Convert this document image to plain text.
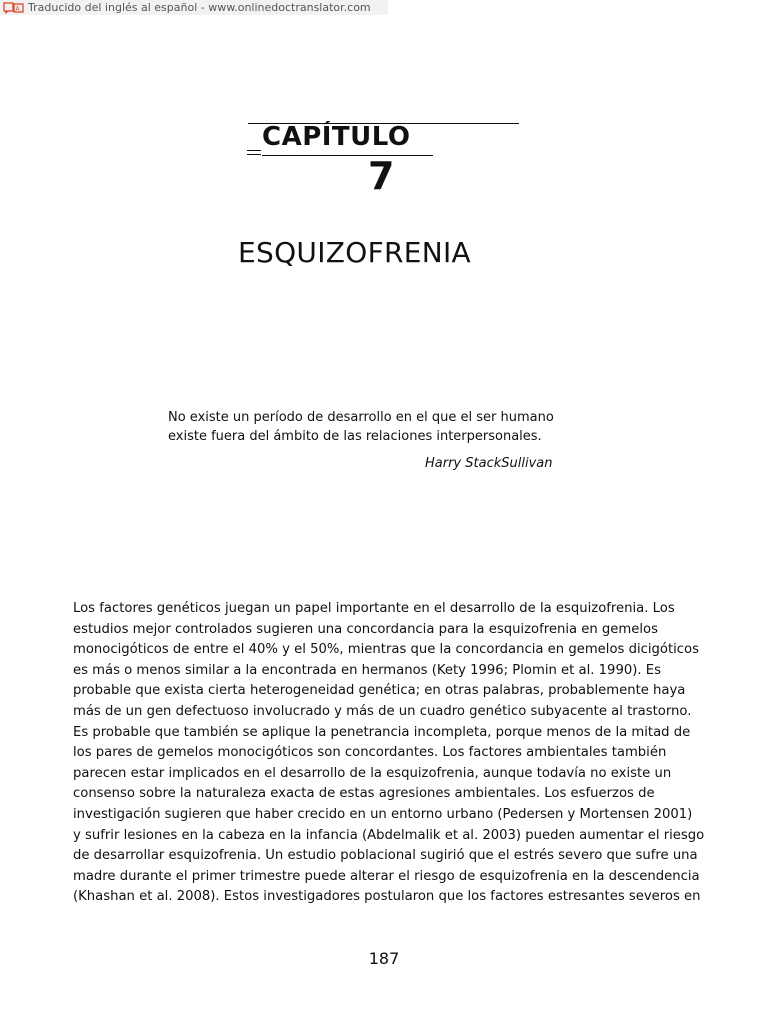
A Traducido del inglés al español - www.onlinedoctranslator.com
CAPÍTULO
7
ESQUIZOFRENIA
No existe un período de desarrollo en el que el ser humano
existe fuera del ámbito de las relaciones interpersonales.
Harry StackSullivan
Los factores genéticos juegan un papel importante en el desarrollo de la esquizofrenia. Los
estudios mejor controlados sugieren una concordancia para la esquizofrenia en gemelos
monocigóticos de entre el 40% y el 50%, mientras que la concordancia en gemelos dicigóticos
es más o menos similar a la encontrada en hermanos (Kety 1996; Plomin et al. 1990). Es
probable que exista cierta heterogeneidad genética; en otras palabras, probablemente haya
más de un gen defectuoso involucrado y más de un cuadro genético subyacente al trastorno.
Es probable que también se aplique la penetrancia incompleta, porque menos de la mitad de
los pares de gemelos monocigóticos son concordantes. Los factores ambientales también
parecen estar implicados en el desarrollo de la esquizofrenia, aunque todavía no existe un
consenso sobre la naturaleza exacta de estas agresiones ambientales. Los esfuerzos de
investigación sugieren que haber crecido en un entorno urbano (Pedersen y Mortensen 2001)
y sufrir lesiones en la cabeza en la infancia (Abdelmalik et al. 2003) pueden aumentar el riesgo
de desarrollar esquizofrenia. Un estudio poblacional sugirió que el estrés severo que sufre una
madre durante el primer trimestre puede alterar el riesgo de esquizofrenia en la descendencia
(Khashan et al. 2008). Estos investigadores postularon que los factores estresantes severos en
187
